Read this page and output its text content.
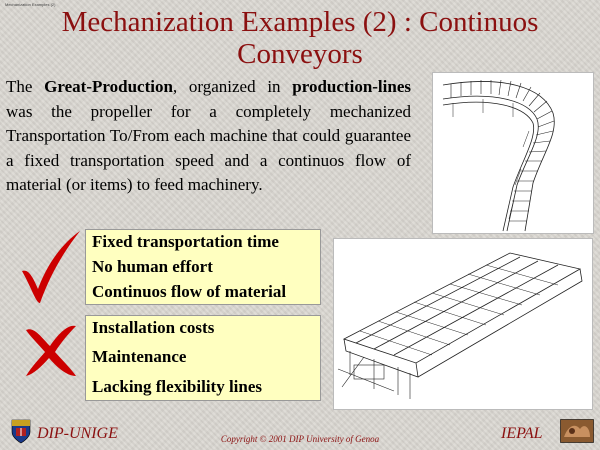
Mechanization Examples (2)
Mechanization Examples (2) : Continuos
Conveyors
The Great-Production, organized in production-lines was the propeller for a completely mechanized Transportation To/From each machine that could guarantee a fixed transportation speed and a continuos flow of material (or items) to feed machinery.
Fixed transportation time
No human effort
Continuos flow of material
Installation costs
Maintenance
Lacking flexibility lines
DIP-UNIGE	Copyright © 2001 DIP University of Genoa	IEPAL
